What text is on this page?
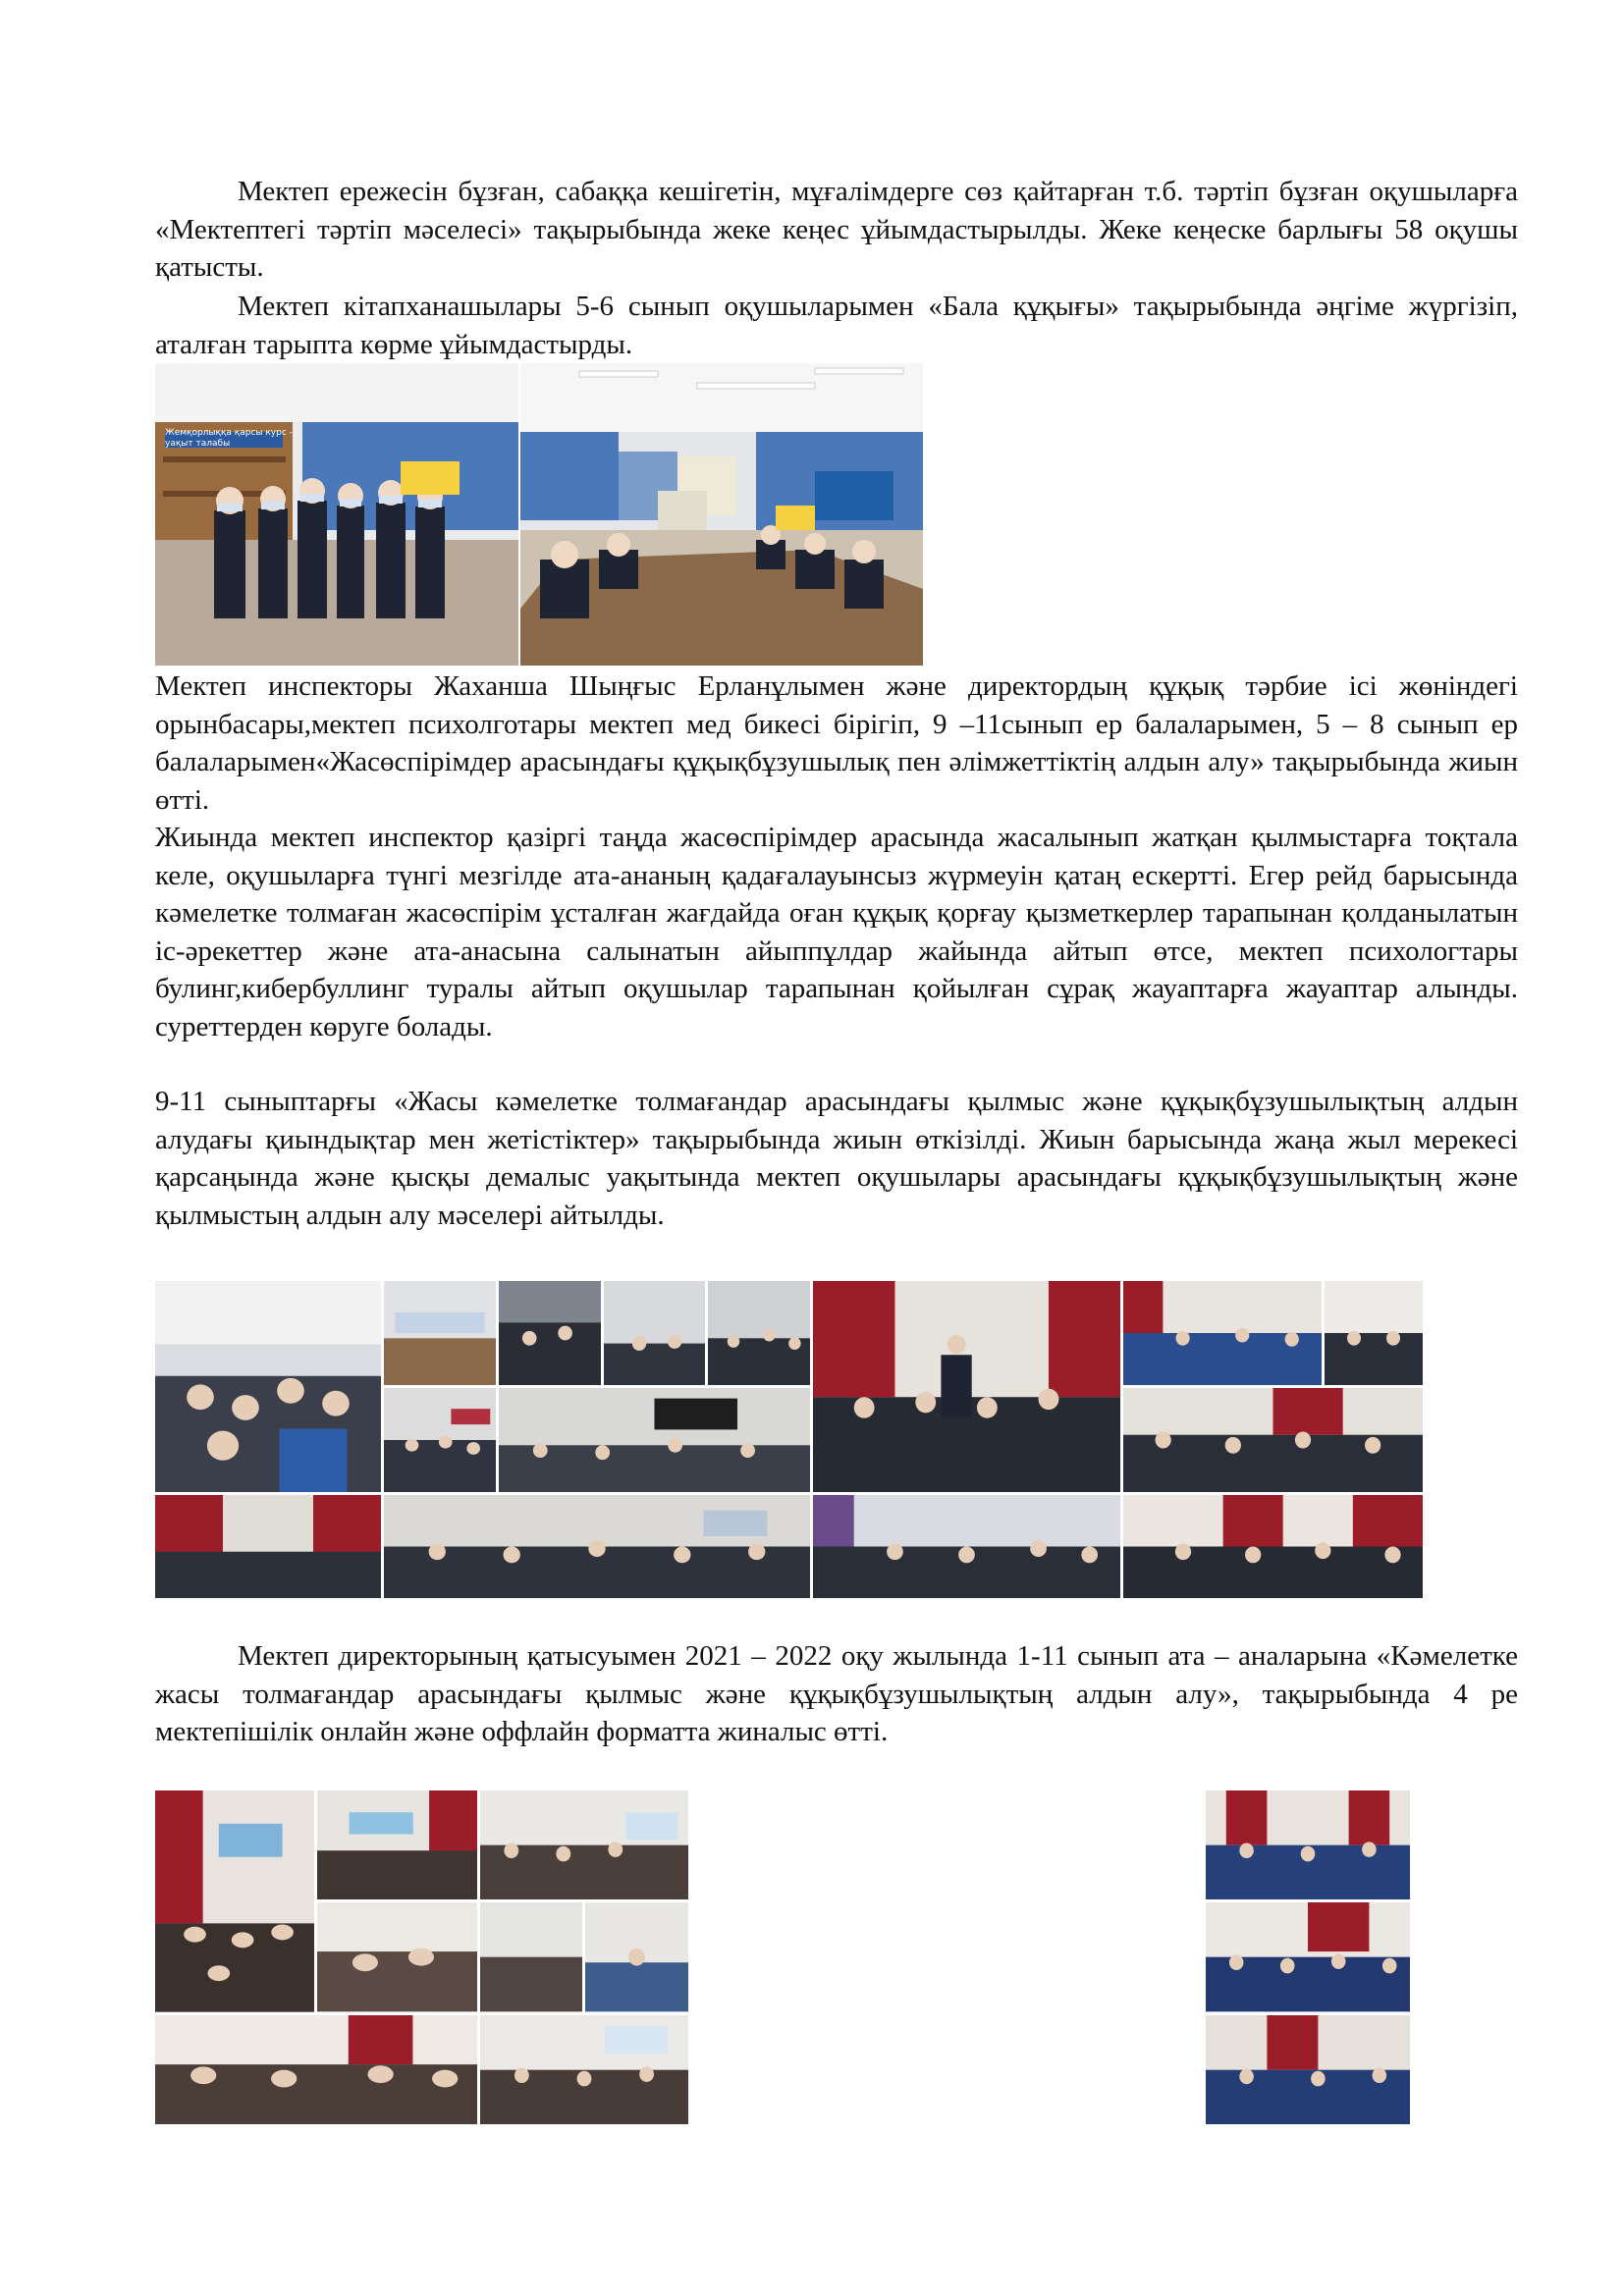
Мектеп ережесін бұзған, сабаққа кешігетін, мұғалімдерге сөз қайтарған т.б. тәртіп бұзған оқушыларға «Мектептегі тәртіп мәселесі» тақырыбында жеке кеңес ұйымдастырылды. Жеке кеңеске барлығы 58 оқушы қатысты.

Мектеп кітапханашылары 5-6 сынып оқушыларымен «Бала құқығы» тақырыбында әңгіме жүргізіп, аталған тарыпта көрме ұйымдастырды.

Жемқорлыққа қарсы курс - уақыт талабы

Мектеп инспекторы Жаханша Шыңғыс Ерланұлымен және директордың құқық тәрбие ісі жөніндегі орынбасары,мектеп психолготары мектеп мед бикесі бірігіп, 9 –11сынып ер балаларымен, 5 – 8 сынып ер балаларымен«Жасөспірімдер арасындағы құқықбұзушылық пен әлімжеттіктің алдын алу» тақырыбында жиын өтті.

Жиында мектеп инспектор қазіргі таңда жасөспірімдер арасында жасалынып жатқан қылмыстарға тоқтала келе, оқушыларға түнгі мезгілде ата-ананың қадағалауынсыз жүрмеуін қатаң ескертті. Егер рейд барысында кәмелетке толмаған жасөспірім ұсталған жағдайда оған құқық қорғау қызметкерлер тарапынан қолданылатын іс-әрекеттер және ата-анасына салынатын айыппұлдар жайында айтып өтсе, мектеп психологтары булинг,кибербуллинг туралы айтып оқушылар тарапынан қойылған сұрақ жауаптарға жауаптар алынды. суреттерден көруге болады.

9-11 сыныптарғы «Жасы кәмелетке толмағандар арасындағы қылмыс және құқықбұзушылықтың алдын алудағы қиындықтар мен жетістіктер» тақырыбында жиын өткізілді. Жиын барысында жаңа жыл мерекесі қарсаңында және қысқы демалыс уақытында мектеп оқушылары арасындағы құқықбұзушылықтың және қылмыстың алдын алу мәселері айтылды.

Мектеп директорының қатысуымен 2021 – 2022 оқу жылында 1-11 сынып ата – аналарына «Кәмелетке жасы толмағандар арасындағы қылмыс және құқықбұзушылықтың алдын алу», тақырыбында 4 ре мектепішілік онлайн және оффлайн форматта жиналыс өтті.
